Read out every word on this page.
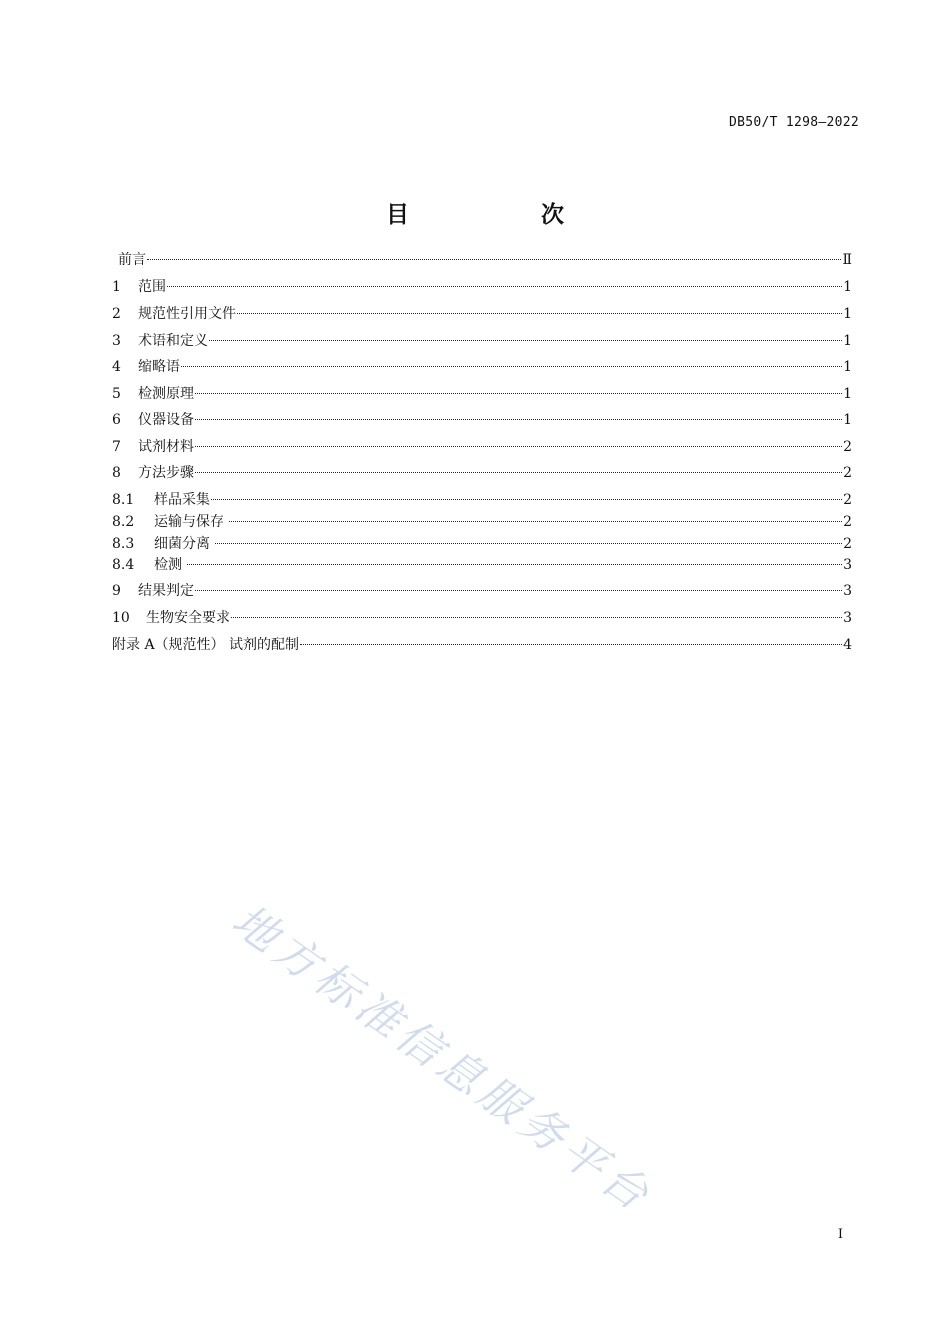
DB50/T 1298—2022
目 次
前言	Ⅱ
1	范围	1
2	规范性引用文件	1
3	术语和定义	1
4	缩略语	1
5	检测原理	1
6	仪器设备	1
7	试剂材料	2
8	方法步骤	2
8.1	样品采集	2
8.2	运输与保存	2
8.3	细菌分离	2
8.4	检测	3
9	结果判定	3
10	生物安全要求	3
附录 A（规范性） 试剂的配制	4
地方标准信息服务平台
I
